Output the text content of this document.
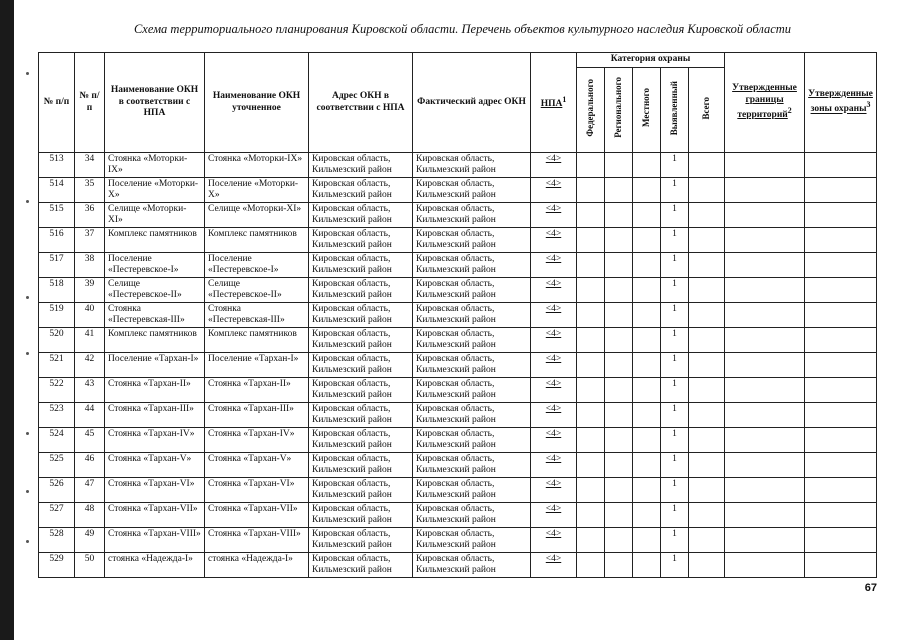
Схема территориального планирования Кировской области. Перечень объектов культурного наследия Кировской области
№ п/п	№ п/п	Наименование ОКН в соответствии с НПА	Наименование ОКН уточненное	Адрес ОКН в соответствии с НПА	Фактический адрес ОКН	НПА$^1$	Категория охраны					Утвержденные границы территорий$^2$	Утвержденные зоны охраны$^3$
							Федерального	Регионального	Местного	Выявленный	Всего		
513	34	Стоянка «Моторки-IX»	Стоянка «Моторки-IX»	Кировская область, Кильмезский район	Кировская область, Кильмезский район	<4>				1			
514	35	Поселение «Моторки-X»	Поселение «Моторки-X»	Кировская область, Кильмезский район	Кировская область, Кильмезский район	<4>				1			
515	36	Селище «Моторки-XI»	Селище «Моторки-XI»	Кировская область, Кильмезский район	Кировская область, Кильмезский район	<4>				1			
516	37	Комплекс памятников	Комплекс памятников	Кировская область, Кильмезский район	Кировская область, Кильмезский район	<4>				1			
517	38	Поселение «Пестеревское-I»	Поселение «Пестеревское-I»	Кировская область, Кильмезский район	Кировская область, Кильмезский район	<4>				1			
518	39	Селище «Пестеревское-II»	Селище «Пестеревское-II»	Кировская область, Кильмезский район	Кировская область, Кильмезский район	<4>				1			
519	40	Стоянка «Пестеревская-III»	Стоянка «Пестеревская-III»	Кировская область, Кильмезский район	Кировская область, Кильмезский район	<4>				1			
520	41	Комплекс памятников	Комплекс памятников	Кировская область, Кильмезский район	Кировская область, Кильмезский район	<4>				1			
521	42	Поселение «Тархан-I»	Поселение «Тархан-I»	Кировская область, Кильмезский район	Кировская область, Кильмезский район	<4>				1			
522	43	Стоянка «Тархан-II»	Стоянка «Тархан-II»	Кировская область, Кильмезский район	Кировская область, Кильмезский район	<4>				1			
523	44	Стоянка «Тархан-III»	Стоянка «Тархан-III»	Кировская область, Кильмезский район	Кировская область, Кильмезский район	<4>				1			
524	45	Стоянка «Тархан-IV»	Стоянка «Тархан-IV»	Кировская область, Кильмезский район	Кировская область, Кильмезский район	<4>				1			
525	46	Стоянка «Тархан-V»	Стоянка «Тархан-V»	Кировская область, Кильмезский район	Кировская область, Кильмезский район	<4>				1			
526	47	Стоянка «Тархан-VI»	Стоянка «Тархан-VI»	Кировская область, Кильмезский район	Кировская область, Кильмезский район	<4>				1			
527	48	Стоянка «Тархан-VII»	Стоянка «Тархан-VII»	Кировская область, Кильмезский район	Кировская область, Кильмезский район	<4>				1			
528	49	Стоянка «Тархан-VIII»	Стоянка «Тархан-VIII»	Кировская область, Кильмезский район	Кировская область, Кильмезский район	<4>				1			
529	50	стоянка «Надежда-I»	стоянка «Надежда-I»	Кировская область, Кильмезский район	Кировская область, Кильмезский район	<4>				1			
67
